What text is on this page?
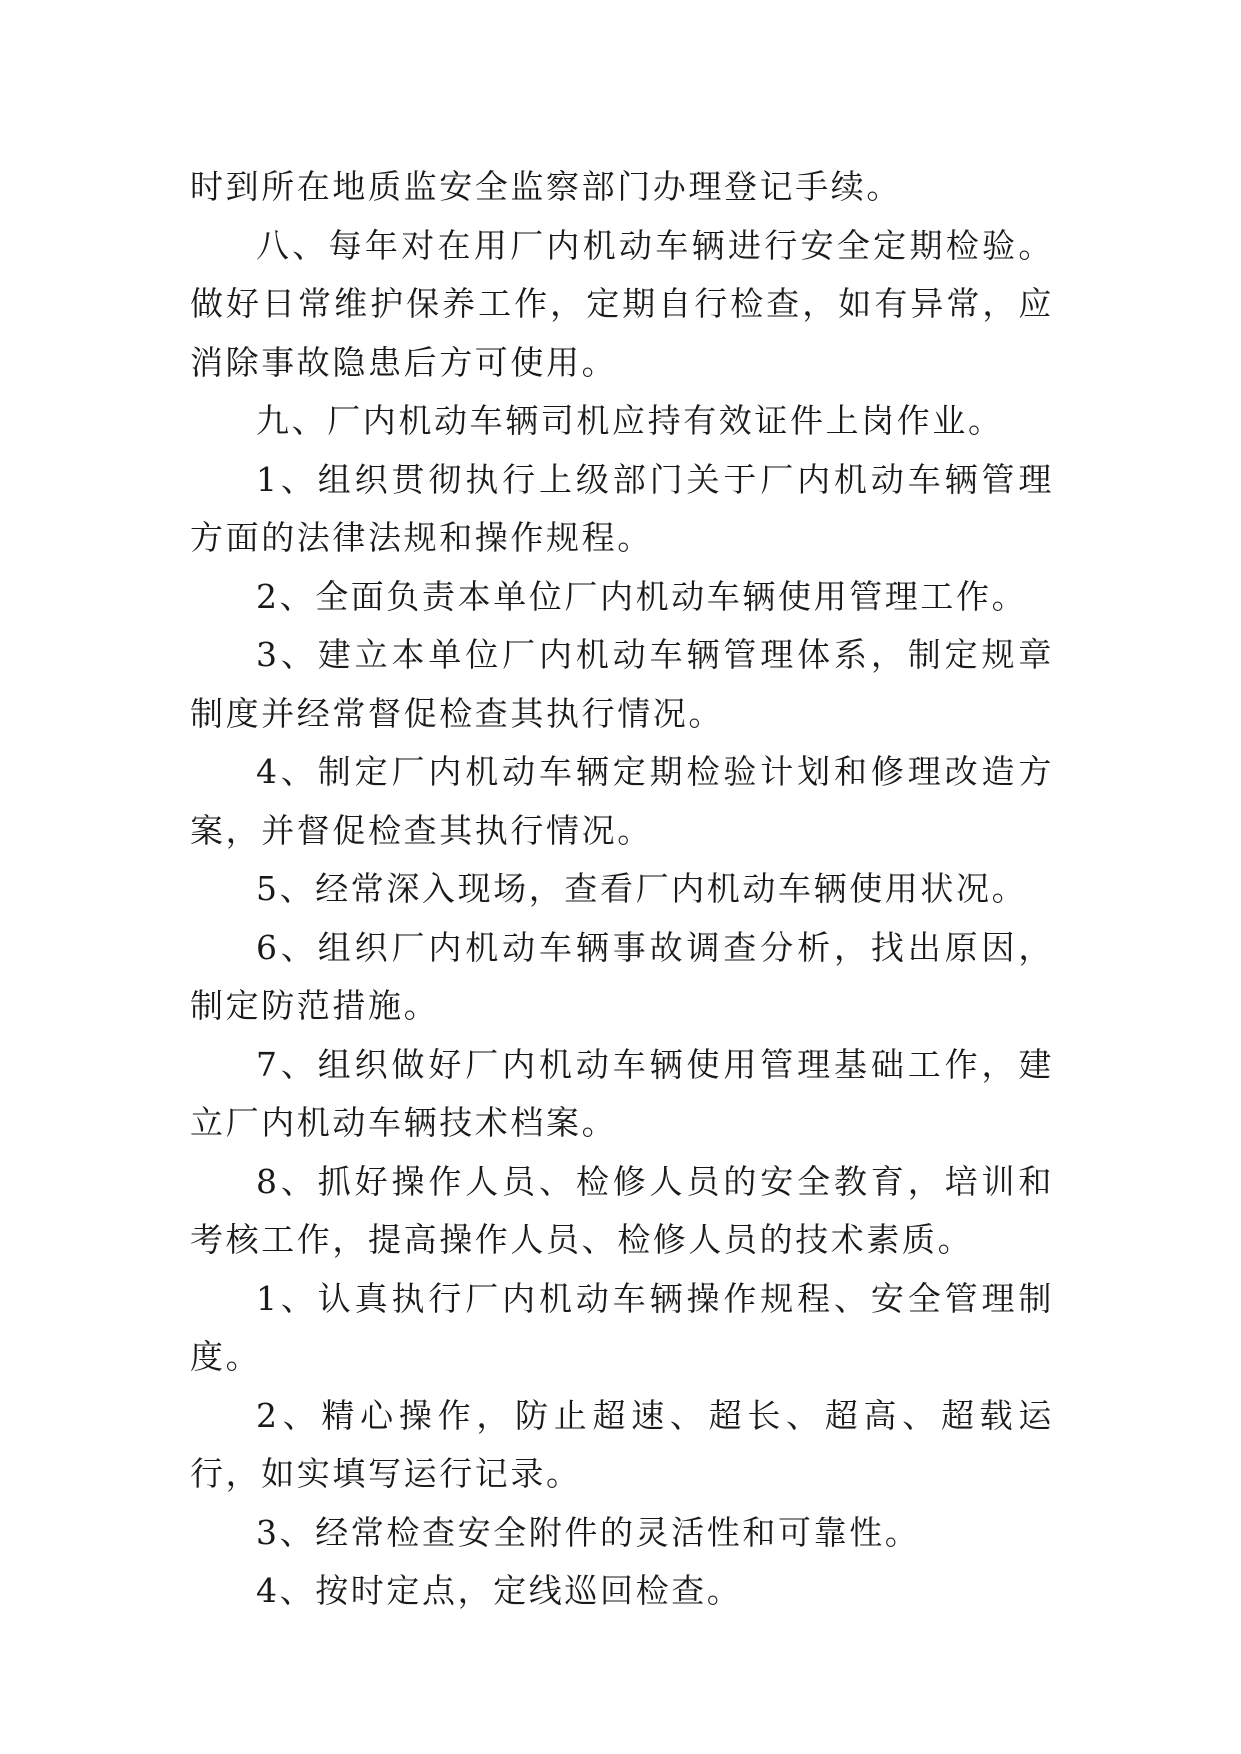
时到所在地质监安全监察部门办理登记手续。

八、每年对在用厂内机动车辆进行安全定期检验。做好日常维护保养工作，定期自行检查，如有异常，应消除事故隐患后方可使用。

九、厂内机动车辆司机应持有效证件上岗作业。

1、组织贯彻执行上级部门关于厂内机动车辆管理方面的法律法规和操作规程。

2、全面负责本单位厂内机动车辆使用管理工作。

3、建立本单位厂内机动车辆管理体系，制定规章制度并经常督促检查其执行情况。

4、制定厂内机动车辆定期检验计划和修理改造方案，并督促检查其执行情况。

5、经常深入现场，查看厂内机动车辆使用状况。

6、组织厂内机动车辆事故调查分析，找出原因，制定防范措施。

7、组织做好厂内机动车辆使用管理基础工作，建立厂内机动车辆技术档案。

8、抓好操作人员、检修人员的安全教育，培训和考核工作，提高操作人员、检修人员的技术素质。

1、认真执行厂内机动车辆操作规程、安全管理制度。

2、精心操作，防止超速、超长、超高、超载运行，如实填写运行记录。

3、经常检查安全附件的灵活性和可靠性。

4、按时定点，定线巡回检查。
